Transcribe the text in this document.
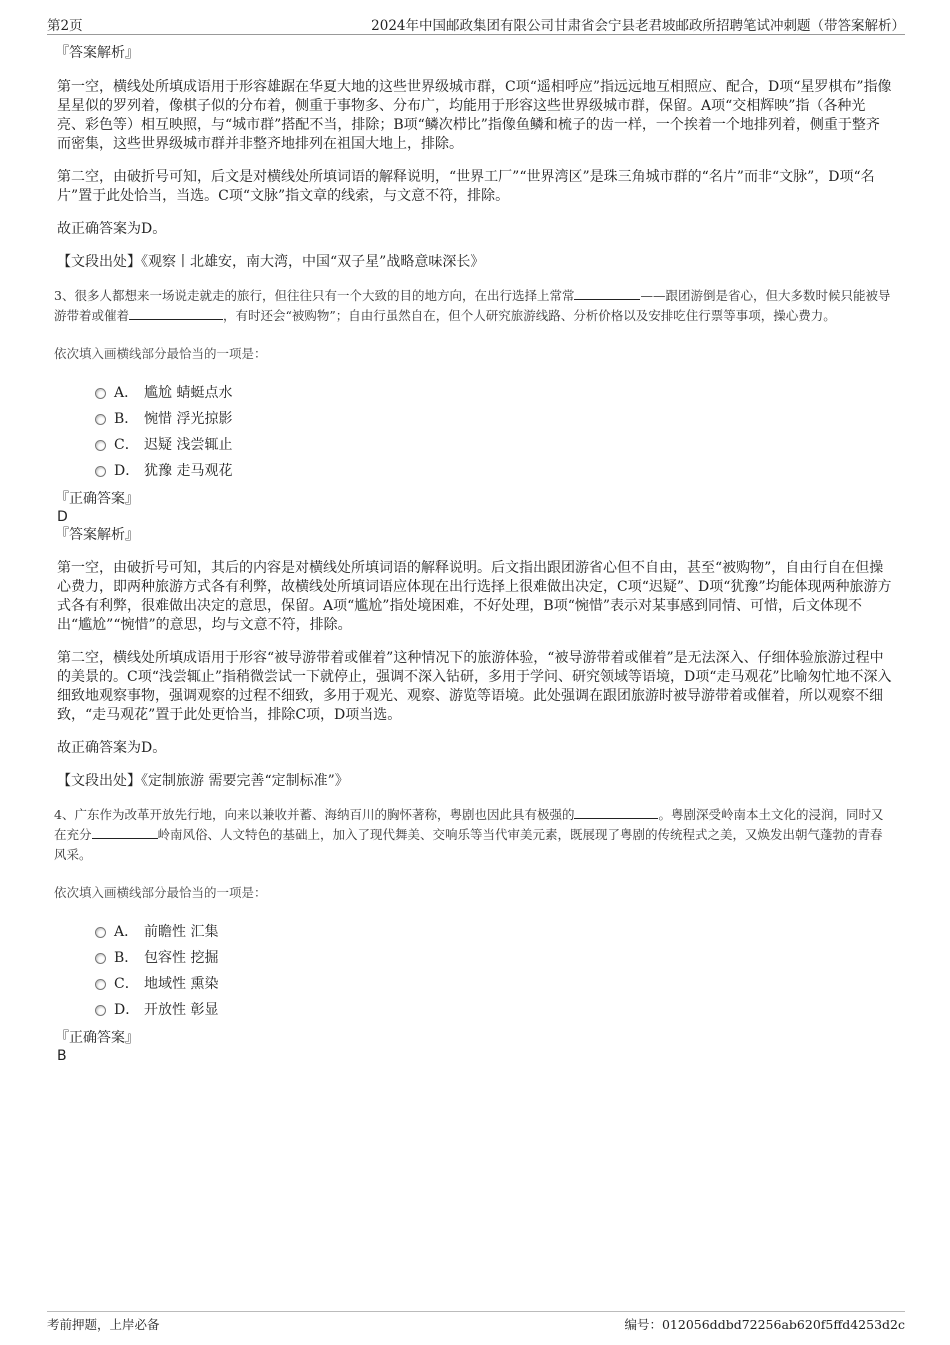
第2页	2024年中国邮政集团有限公司甘肃省会宁县老君坡邮政所招聘笔试冲刺题（带答案解析）
『答案解析』

第一空，横线处所填成语用于形容雄踞在华夏大地的这些世界级城市群，C项“遥相呼应”指远远地互相照应、配合，D项“星罗棋布”指像星星似的罗列着，像棋子似的分布着，侧重于事物多、分布广，均能用于形容这些世界级城市群，保留。A项“交相辉映”指（各种光亮、彩色等）相互映照，与“城市群”搭配不当，排除；B项“鳞次栉比”指像鱼鳞和梳子的齿一样，一个挨着一个地排列着，侧重于整齐而密集，这些世界级城市群并非整齐地排列在祖国大地上，排除。

第二空，由破折号可知，后文是对横线处所填词语的解释说明，“世界工厂”“世界湾区”是珠三角城市群的“名片”而非“文脉”，D项“名片”置于此处恰当，当选。C项“文脉”指文章的线索，与文意不符，排除。

故正确答案为D。

【文段出处】《观察丨北雄安，南大湾，中国“双子星”战略意味深长》

3、很多人都想来一场说走就走的旅行，但往往只有一个大致的目的地方向，在出行选择上常常	——跟团游倒是省心，但大多数时候只能被导游带着或催着	，有时还会“被购物”；自由行虽然自在，但个人研究旅游线路、分析价格以及安排吃住行票等事项，操心费力。
依次填入画横线部分最恰当的一项是：
A． 尴尬 蜻蜓点水
B． 惋惜 浮光掠影
C． 迟疑 浅尝辄止
D． 犹豫 走马观花
『正确答案』
D
『答案解析』

第一空，由破折号可知，其后的内容是对横线处所填词语的解释说明。后文指出跟团游省心但不自由，甚至“被购物”，自由行自在但操心费力，即两种旅游方式各有利弊，故横线处所填词语应体现在出行选择上很难做出决定，C项“迟疑”、D项“犹豫”均能体现两种旅游方式各有利弊，很难做出决定的意思，保留。A项“尴尬”指处境困难，不好处理，B项“惋惜”表示对某事感到同情、可惜，后文体现不出“尴尬”“惋惜”的意思，均与文意不符，排除。

第二空，横线处所填成语用于形容“被导游带着或催着”这种情况下的旅游体验，“被导游带着或催着”是无法深入、仔细体验旅游过程中的美景的。C项“浅尝辄止”指稍微尝试一下就停止，强调不深入钻研，多用于学问、研究领域等语境，D项“走马观花”比喻匆忙地不深入细致地观察事物，强调观察的过程不细致，多用于观光、观察、游览等语境。此处强调在跟团旅游时被导游带着或催着，所以观察不细致，“走马观花”置于此处更恰当，排除C项，D项当选。

故正确答案为D。

【文段出处】《定制旅游 需要完善“定制标准”》

4、广东作为改革开放先行地，向来以兼收并蓄、海纳百川的胸怀著称，粤剧也因此具有极强的	。粤剧深受岭南本土文化的浸润，同时又在充分	岭南风俗、人文特色的基础上，加入了现代舞美、交响乐等当代审美元素，既展现了粤剧的传统程式之美，又焕发出朝气蓬勃的青春风采。
依次填入画横线部分最恰当的一项是：
A． 前瞻性 汇集
B． 包容性 挖掘
C． 地域性 熏染
D． 开放性 彰显
『正确答案』
B
考前押题，上岸必备	编号：012056ddbd72256ab620f5ffd4253d2c
